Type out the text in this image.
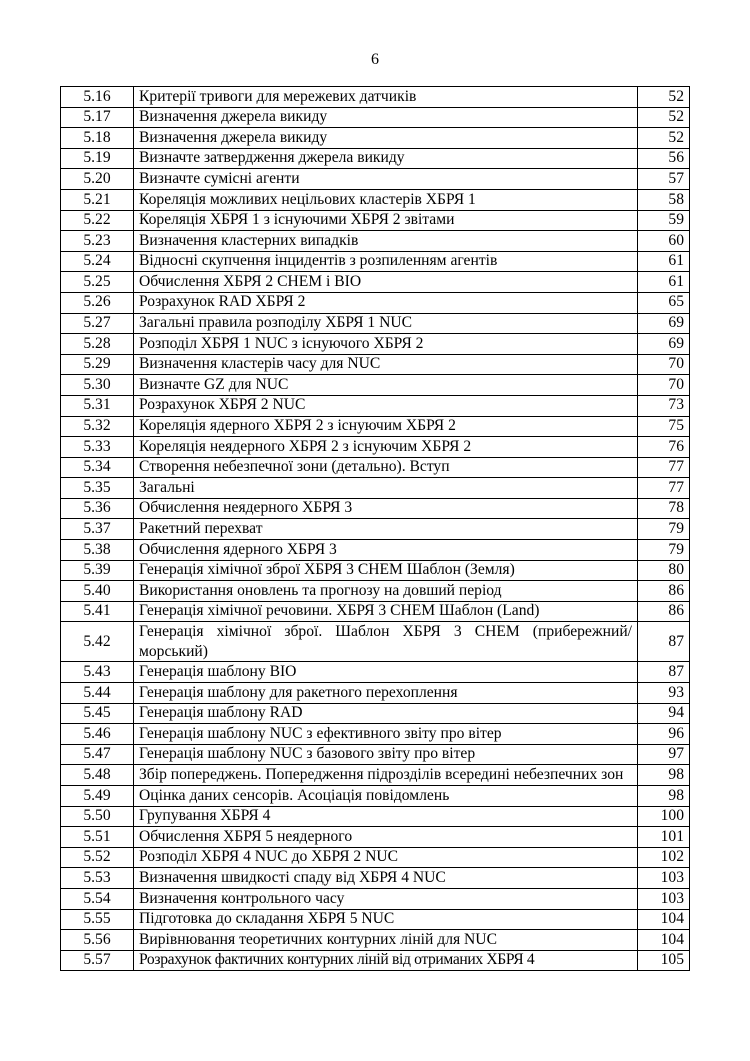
6
5.16	Критерії тривоги для мережевих датчиків	52
5.17	Визначення джерела викиду	52
5.18	Визначення джерела викиду	52
5.19	Визначте затвердження джерела викиду	56
5.20	Визначте сумісні агенти	57
5.21	Кореляція можливих нецільових кластерів ХБРЯ 1	58
5.22	Кореляція ХБРЯ 1 з існуючими ХБРЯ 2 звітами	59
5.23	Визначення кластерних випадків	60
5.24	Відносні скупчення інцидентів з розпиленням агентів	61
5.25	Обчислення ХБРЯ 2 CHEM і BIO	61
5.26	Розрахунок RAD ХБРЯ 2	65
5.27	Загальні правила розподілу ХБРЯ 1 NUC	69
5.28	Розподіл ХБРЯ 1 NUC з існуючого ХБРЯ 2	69
5.29	Визначення кластерів часу для NUC	70
5.30	Визначте GZ для NUC	70
5.31	Розрахунок ХБРЯ 2 NUC	73
5.32	Кореляція ядерного ХБРЯ 2 з існуючим ХБРЯ 2	75
5.33	Кореляція неядерного ХБРЯ 2 з існуючим ХБРЯ 2	76
5.34	Створення небезпечної зони (детально). Вступ	77
5.35	Загальні	77
5.36	Обчислення неядерного ХБРЯ 3	78
5.37	Ракетний перехват	79
5.38	Обчислення ядерного ХБРЯ 3	79
5.39	Генерація хімічної зброї ХБРЯ 3 CHEM Шаблон (Земля)	80
5.40	Використання оновлень та прогнозу на довший період	86
5.41	Генерація хімічної речовини. ХБРЯ 3 CHEM Шаблон (Land)	86
5.42	Генерація хімічної зброї. Шаблон ХБРЯ 3 CHEM (прибережний/ морський)	87
5.43	Генерація шаблону BIO	87
5.44	Генерація шаблону для ракетного перехоплення	93
5.45	Генерація шаблону RAD	94
5.46	Генерація шаблону NUC з ефективного звіту про вітер	96
5.47	Генерація шаблону NUC з базового звіту про вітер	97
5.48	Збір попереджень. Попередження підрозділів всередині небезпечних зон	98
5.49	Оцінка даних сенсорів. Асоціація повідомлень	98
5.50	Групування ХБРЯ 4	100
5.51	Обчислення ХБРЯ 5 неядерного	101
5.52	Розподіл ХБРЯ 4 NUC до ХБРЯ 2 NUC	102
5.53	Визначення швидкості спаду від ХБРЯ 4 NUC	103
5.54	Визначення контрольного часу	103
5.55	Підготовка до складання ХБРЯ 5 NUC	104
5.56	Вирівнювання теоретичних контурних ліній для NUC	104
5.57	Розрахунок фактичних контурних ліній від отриманих ХБРЯ 4	105
